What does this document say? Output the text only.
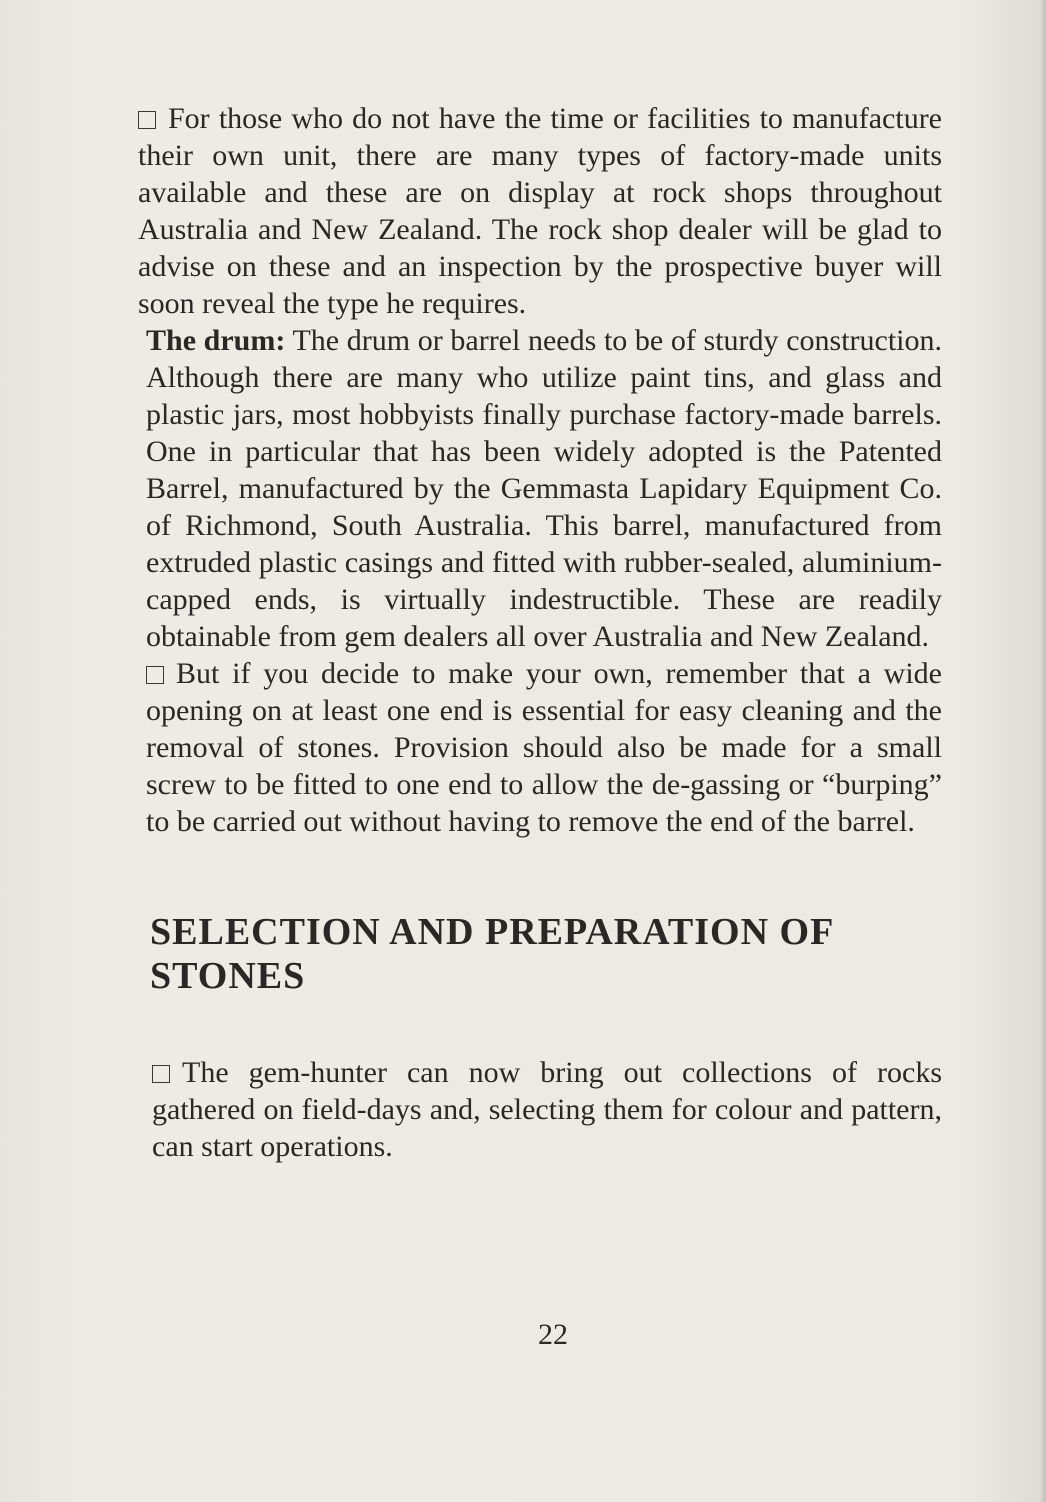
For those who do not have the time or facilities to manufacture their own unit, there are many types of factory-made units available and these are on display at rock shops throughout Australia and New Zealand. The rock shop dealer will be glad to advise on these and an inspection by the prospective buyer will soon reveal the type he requires.

The drum: The drum or barrel needs to be of sturdy construction. Although there are many who utilize paint tins, and glass and plastic jars, most hobbyists finally purchase factory-made barrels. One in particular that has been widely adopted is the Patented Barrel, manufactured by the Gemmasta Lapidary Equipment Co. of Richmond, South Australia. This barrel, manufactured from extruded plastic casings and fitted with rubber-sealed, aluminium-capped ends, is virtually indestructible. These are readily obtainable from gem dealers all over Australia and New Zealand.

But if you decide to make your own, remember that a wide opening on at least one end is essential for easy cleaning and the removal of stones. Provision should also be made for a small screw to be fitted to one end to allow the de-gassing or “burping” to be carried out without having to remove the end of the barrel.

SELECTION AND PREPARATION OF STONES

The gem-hunter can now bring out collections of rocks gathered on field-days and, selecting them for colour and pattern, can start operations.

22
